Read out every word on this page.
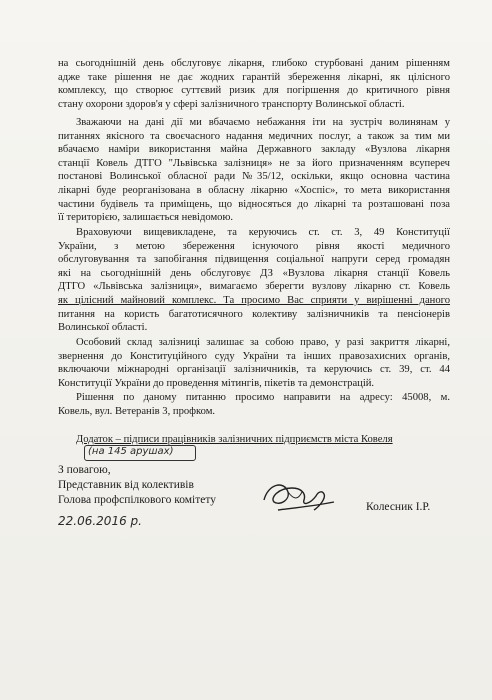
на сьогоднішній день обслуговує лікарня, глибоко стурбовані даним рішенням
адже таке рішення не дає жодних гарантій збереження лікарні, як цілісного
комплексу, що створює суттєвий ризик для погіршення до критичного рівня
стану охорони здоров'я у сфері залізничного транспорту Волинської області.

Зважаючи на дані дії ми вбачаємо небажання іти на зустріч волинянам у
питаннях якісного та своєчасного надання медичних послуг, а також за тим ми
вбачаємо наміри використання майна Державного закладу «Вузлова лікарня
станції Ковель ДТГО "Львівська залізниця» не за його призначенням всупереч
постанові Волинської обласної ради №35/12, оскільки, якщо основна частина
лікарні буде реорганізована в обласну лікарню «Хоспіс», то мета використання
частини будівель та приміщень, що відносяться до лікарні та розташовані поза
її територією, залишається невідомою.

Враховуючи вищевикладене, та керуючись ст. ст. 3, 49 Конституції
України, з метою збереження існуючого рівня якості медичного
обслуговування та запобігання підвищення соціальної напруги серед громадян
які на сьогоднішній день обслуговує ДЗ «Вузлова лікарня станції Ковель
ДТГО «Львівська залізниця», вимагаємо зберегти вузлову лікарню ст. Ковель
як цілісний майновий комплекс. Та просимо Вас сприяти у вирішенні даного
питання на користь багатотисячного колективу залізничників та пенсіонерів
Волинської області.

Особовий склад залізниці залишає за собою право, у разі закриття лікарні,
звернення до Конституційного суду України та інших правозахисних органів,
включаючи міжнародні організації залізничників, та керуючись ст. 39, ст. 44
Конституції України до проведення мітингів, пікетів та демонстрацій.

Рішення по даному питанню просимо направити на адресу: 45008, м.
Ковель, вул. Ветеранів 3, профком.

Додаток – підписи працівників залізничних підприємств міста Ковеля
(на 145 арушах)
З повагою,
Представник від колективів
Голова профспілкового комітету
Колесник І.Р.
22.06.2016 р.
